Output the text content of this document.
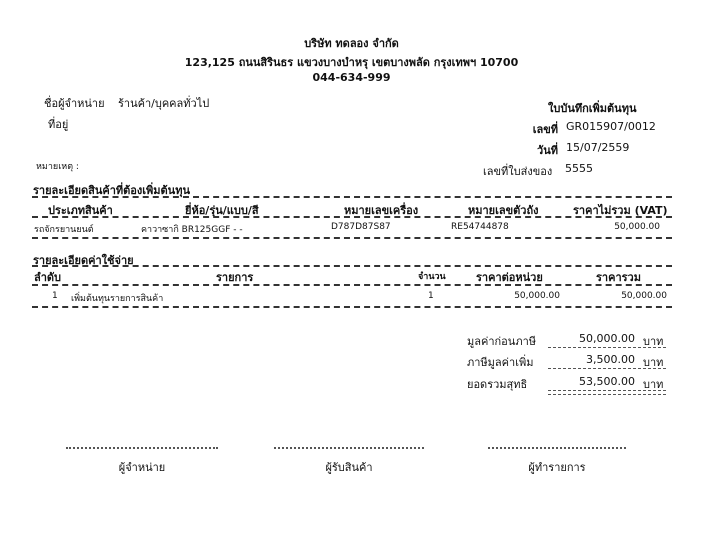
บริษัท ทดลอง จำกัด
123,125 ถนนสิรินธร แขวงบางบำหรุ เขตบางพลัด กรุงเทพฯ 10700
044-634-999
ชื่อผู้จำหน่าย ร้านค้า/บุคคลทั่วไป
ที่อยู่
หมายเหตุ :
ใบบันทึกเพิ่มต้นทุน
เลขที่ GR015907/0012
วันที่ 15/07/2559
เลขที่ใบส่งของ 5555
รายละเอียดสินค้าที่ต้องเพิ่มต้นทุน
ประเภทสินค้า	ยี่ห้อ/รุ่น/แบบ/สี	หมายเลขเครื่อง	หมายเลขตัวถัง	ราคาไม่รวม (VAT)
รถจักรยานยนต์	คาวาซากิ BR125GGF - -	D787D87S87	RE54744878	50,000.00
รายละเอียดค่าใช้จ่าย
ลำดับ	รายการ	จำนวน	ราคาต่อหน่วย	ราคารวม
1 เพิ่มต้นทุนรายการสินค้า	1	50,000.00	50,000.00
มูลค่าก่อนภาษี	50,000.00 บาท
ภาษีมูลค่าเพิ่ม	3,500.00 บาท
ยอดรวมสุทธิ	53,500.00 บาท
ผู้จำหน่าย	ผู้รับสินค้า	ผู้ทำรายการ
